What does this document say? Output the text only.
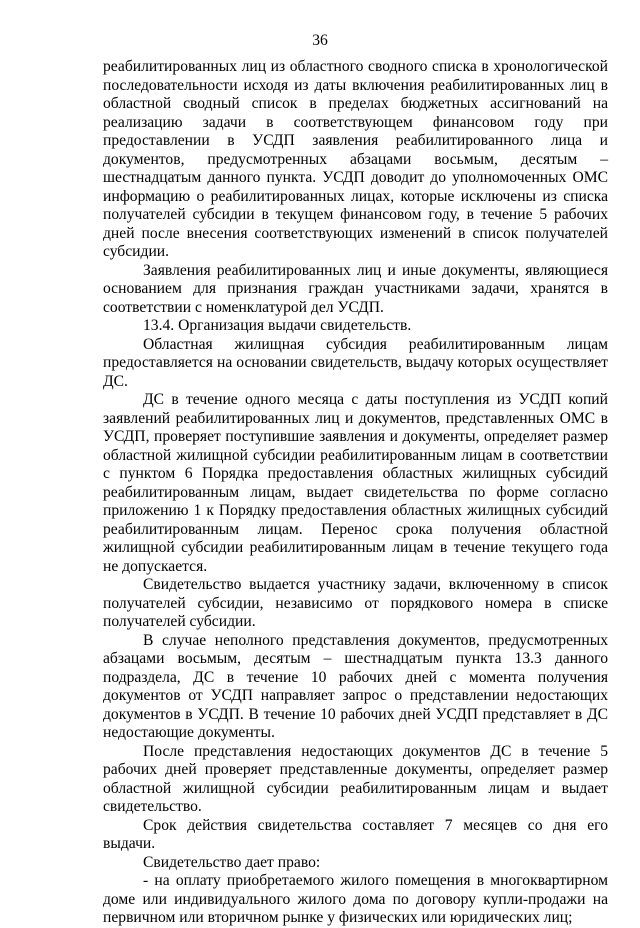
36

реабилитированных лиц из областного сводного списка в хронологической последовательности исходя из даты включения реабилитированных лиц в областной сводный список в пределах бюджетных ассигнований на реализацию задачи в соответствующем финансовом году при предоставлении в УСДП заявления реабилитированного лица и документов, предусмотренных абзацами восьмым, десятым – шестнадцатым данного пункта. УСДП доводит до уполномоченных ОМС информацию о реабилитированных лицах, которые исключены из списка получателей субсидии в текущем финансовом году, в течение 5 рабочих дней после внесения соответствующих изменений в список получателей субсидии.

Заявления реабилитированных лиц и иные документы, являющиеся основанием для признания граждан участниками задачи, хранятся в соответствии с номенклатурой дел УСДП.

13.4. Организация выдачи свидетельств.

Областная жилищная субсидия реабилитированным лицам предоставляется на основании свидетельств, выдачу которых осуществляет ДС.

ДС в течение одного месяца с даты поступления из УСДП копий заявлений реабилитированных лиц и документов, представленных ОМС в УСДП, проверяет поступившие заявления и документы, определяет размер областной жилищной субсидии реабилитированным лицам в соответствии с пунктом 6 Порядка предоставления областных жилищных субсидий реабилитированным лицам, выдает свидетельства по форме согласно приложению 1 к Порядку предоставления областных жилищных субсидий реабилитированным лицам. Перенос срока получения областной жилищной субсидии реабилитированным лицам в течение текущего года не допускается.

Свидетельство выдается участнику задачи, включенному в список получателей субсидии, независимо от порядкового номера в списке получателей субсидии.

В случае неполного представления документов, предусмотренных абзацами восьмым, десятым – шестнадцатым пункта 13.3 данного подраздела, ДС в течение 10 рабочих дней с момента получения документов от УСДП направляет запрос о представлении недостающих документов в УСДП. В течение 10 рабочих дней УСДП представляет в ДС недостающие документы.

После представления недостающих документов ДС в течение 5 рабочих дней проверяет представленные документы, определяет размер областной жилищной субсидии реабилитированным лицам и выдает свидетельство.

Срок действия свидетельства составляет 7 месяцев со дня его выдачи.

Свидетельство дает право:

- на оплату приобретаемого жилого помещения в многоквартирном доме или индивидуального жилого дома по договору купли-продажи на первичном или вторичном рынке у физических или юридических лиц;
